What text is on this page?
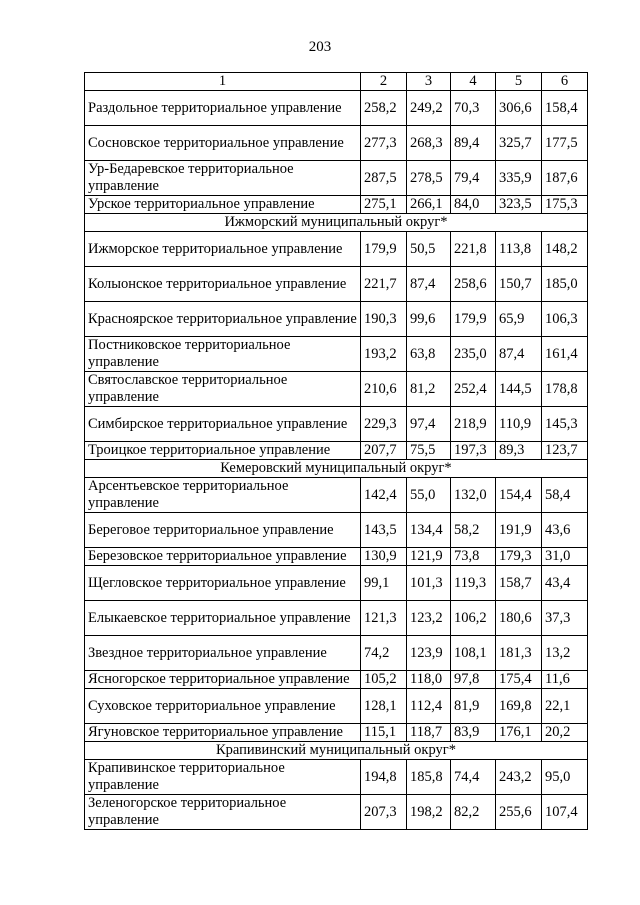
203
1	2	3	4	5	6
Раздольное территориальное управление	258,2	249,2	70,3	306,6	158,4
Сосновское территориальное управление	277,3	268,3	89,4	325,7	177,5
Ур-Бедаревское территориальное управление	287,5	278,5	79,4	335,9	187,6
Урское территориальное управление	275,1	266,1	84,0	323,5	175,3
Ижморский муниципальный округ*					
Ижморское территориальное управление	179,9	50,5	221,8	113,8	148,2
Колыонское территориальное управление	221,7	87,4	258,6	150,7	185,0
Красноярское территориальное управление	190,3	99,6	179,9	65,9	106,3
Постниковское территориальное управление	193,2	63,8	235,0	87,4	161,4
Святославское территориальное управление	210,6	81,2	252,4	144,5	178,8
Симбирское территориальное управление	229,3	97,4	218,9	110,9	145,3
Троицкое территориальное управление	207,7	75,5	197,3	89,3	123,7
Кемеровский муниципальный округ*					
Арсентьевское территориальное управление	142,4	55,0	132,0	154,4	58,4
Береговое территориальное управление	143,5	134,4	58,2	191,9	43,6
Березовское территориальное управление	130,9	121,9	73,8	179,3	31,0
Щегловское территориальное управление	99,1	101,3	119,3	158,7	43,4
Елыкаевское территориальное управление	121,3	123,2	106,2	180,6	37,3
Звездное территориальное управление	74,2	123,9	108,1	181,3	13,2
Ясногорское территориальное управление	105,2	118,0	97,8	175,4	11,6
Суховское территориальное управление	128,1	112,4	81,9	169,8	22,1
Ягуновское территориальное управление	115,1	118,7	83,9	176,1	20,2
Крапивинский муниципальный округ*					
Крапивинское территориальное управление	194,8	185,8	74,4	243,2	95,0
Зеленогорское территориальное управление	207,3	198,2	82,2	255,6	107,4
